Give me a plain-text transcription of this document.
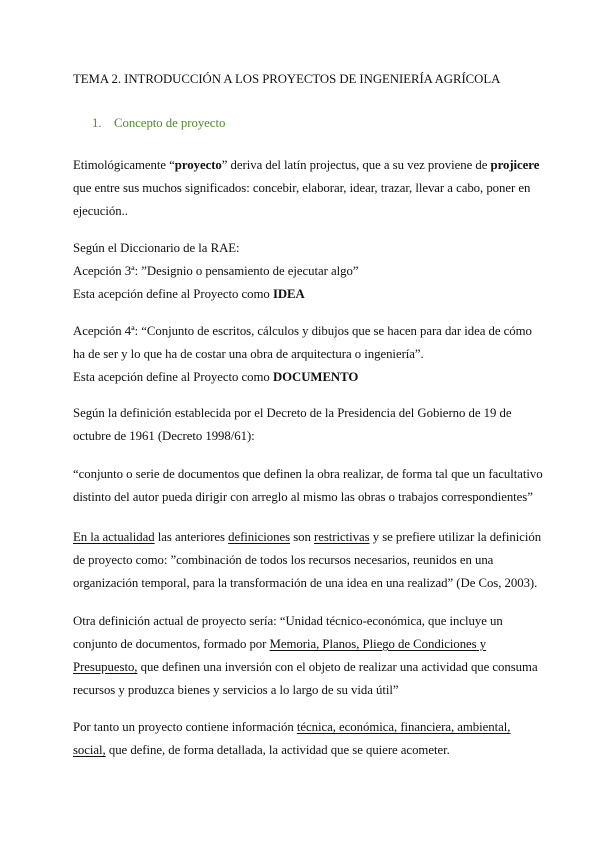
TEMA 2. INTRODUCCIÓN A LOS PROYECTOS DE INGENIERÍA AGRÍCOLA

1. Concepto de proyecto

Etimológicamente “proyecto” deriva del latín projectus, que a su vez proviene de projicere que entre sus muchos significados: concebir, elaborar, idear, trazar, llevar a cabo, poner en ejecución..

Según el Diccionario de la RAE:
Acepción 3ª: ”Designio o pensamiento de ejecutar algo”
Esta acepción define al Proyecto como IDEA

Acepción 4ª: “Conjunto de escritos, cálculos y dibujos que se hacen para dar idea de cómo ha de ser y lo que ha de costar una obra de arquitectura o ingeniería”.
Esta acepción define al Proyecto como DOCUMENTO

Según la definición establecida por el Decreto de la Presidencia del Gobierno de 19 de octubre de 1961 (Decreto 1998/61):

“conjunto o serie de documentos que definen la obra realizar, de forma tal que un facultativo distinto del autor pueda dirigir con arreglo al mismo las obras o trabajos correspondientes”

En la actualidad las anteriores definiciones son restrictivas y se prefiere utilizar la definición de proyecto como: ”combinación de todos los recursos necesarios, reunidos en una organización temporal, para la transformación de una idea en una realizad” (De Cos, 2003).

Otra definición actual de proyecto sería: “Unidad técnico-económica, que incluye un conjunto de documentos, formado por Memoria, Planos, Pliego de Condiciones y Presupuesto, que definen una inversión con el objeto de realizar una actividad que consuma recursos y produzca bienes y servicios a lo largo de su vida útil”

Por tanto un proyecto contiene información técnica, económica, financiera, ambiental, social, que define, de forma detallada, la actividad que se quiere acometer.
